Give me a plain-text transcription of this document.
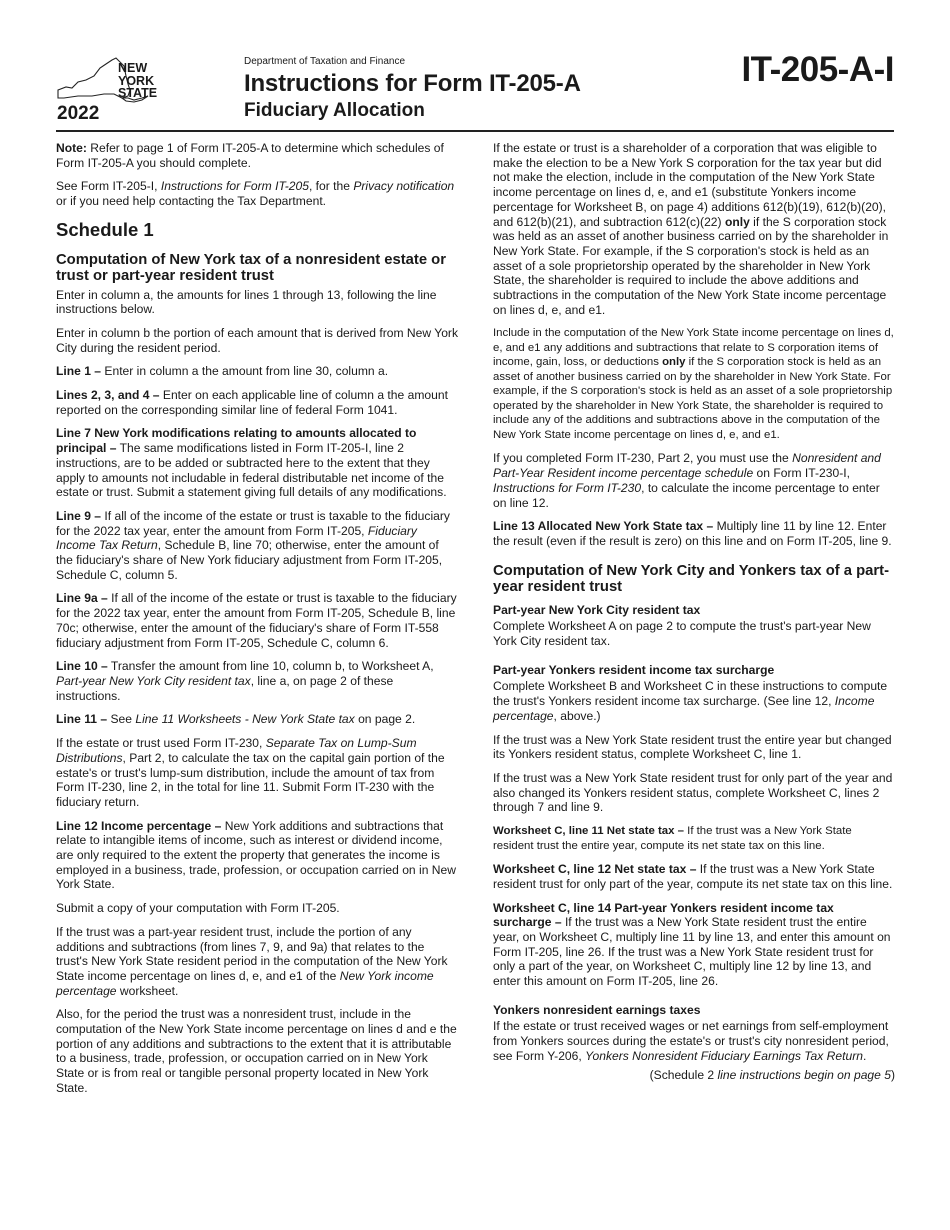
NEW
YORK
STATE
2022
Department of Taxation and Finance
Instructions for Form IT-205-A
Fiduciary Allocation
IT-205-A-I

Note: Refer to page 1 of Form IT-205-A to determine which schedules of Form IT-205-A you should complete.

See Form IT-205-I, Instructions for Form IT-205, for the Privacy notification or if you need help contacting the Tax Department.

Schedule 1
Computation of New York tax of a nonresident estate or trust or part-year resident trust

Enter in column a, the amounts for lines 1 through 13, following the line instructions below.

Enter in column b the portion of each amount that is derived from New York City during the resident period.

Line 1 – Enter in column a the amount from line 30, column a.

Lines 2, 3, and 4 – Enter on each applicable line of column a the amount reported on the corresponding similar line of federal Form 1041.

Line 7 New York modifications relating to amounts allocated to principal – The same modifications listed in Form IT-205-I, line 2 instructions, are to be added or subtracted here to the extent that they apply to amounts not includable in federal distributable net income of the estate or trust. Submit a statement giving full details of any modifications.

Line 9 – If all of the income of the estate or trust is taxable to the fiduciary for the 2022 tax year, enter the amount from Form IT-205, Fiduciary Income Tax Return, Schedule B, line 70; otherwise, enter the amount of the fiduciary's share of New York fiduciary adjustment from Form IT-205, Schedule C, column 5.

Line 9a – If all of the income of the estate or trust is taxable to the fiduciary for the 2022 tax year, enter the amount from Form IT-205, Schedule B, line 70c; otherwise, enter the amount of the fiduciary's share of Form IT-558 fiduciary adjustment from Form IT-205, Schedule C, column 6.

Line 10 – Transfer the amount from line 10, column b, to Worksheet A, Part-year New York City resident tax, line a, on page 2 of these instructions.

Line 11 – See Line 11 Worksheets - New York State tax on page 2.

If the estate or trust used Form IT-230, Separate Tax on Lump-Sum Distributions, Part 2, to calculate the tax on the capital gain portion of the estate's or trust's lump-sum distribution, include the amount of tax from Form IT-230, line 2, in the total for line 11. Submit Form IT-230 with the fiduciary return.

Line 12 Income percentage – New York additions and subtractions that relate to intangible items of income, such as interest or dividend income, are only required to the extent the property that generates the income is employed in a business, trade, profession, or occupation carried on in New York State.

Submit a copy of your computation with Form IT-205.

If the trust was a part-year resident trust, include the portion of any additions and subtractions (from lines 7, 9, and 9a) that relates to the trust's New York State resident period in the computation of the New York State income percentage on lines d, e, and e1 of the New York income percentage worksheet.

Also, for the period the trust was a nonresident trust, include in the computation of the New York State income percentage on lines d and e the portion of any additions and subtractions to the extent that it is attributable to a business, trade, profession, or occupation carried on in New York State or is from real or tangible personal property located in New York State.

If the estate or trust is a shareholder of a corporation that was eligible to make the election to be a New York S corporation for the tax year but did not make the election, include in the computation of the New York State income percentage on lines d, e, and e1 (substitute Yonkers income percentage for Worksheet B, on page 4) additions 612(b)(19), 612(b)(20), and 612(b)(21), and subtraction 612(c)(22) only if the S corporation stock was held as an asset of another business carried on by the shareholder in New York State. For example, if the S corporation's stock is held as an asset of a sole proprietorship operated by the shareholder in New York State, the shareholder is required to include the above additions and subtractions in the computation of the New York State income percentage on lines d, e, and e1.

Include in the computation of the New York State income percentage on lines d, e, and e1 any additions and subtractions that relate to S corporation items of income, gain, loss, or deductions only if the S corporation stock is held as an asset of another business carried on by the shareholder in New York State. For example, if the S corporation's stock is held as an asset of a sole proprietorship operated by the shareholder in New York State, the shareholder is required to include any of the additions and subtractions above in the computation of the New York State income percentage on lines d, e, and e1.

If you completed Form IT-230, Part 2, you must use the Nonresident and Part-Year Resident income percentage schedule on Form IT-230-I, Instructions for Form IT-230, to calculate the income percentage to enter on line 12.

Line 13 Allocated New York State tax – Multiply line 11 by line 12. Enter the result (even if the result is zero) on this line and on Form IT-205, line 9.

Computation of New York City and Yonkers tax of a part-year resident trust
Part-year New York City resident tax

Complete Worksheet A on page 2 to compute the trust's part-year New York City resident tax.

Part-year Yonkers resident income tax surcharge

Complete Worksheet B and Worksheet C in these instructions to compute the trust's Yonkers resident income tax surcharge. (See line 12, Income percentage, above.)

If the trust was a New York State resident trust the entire year but changed its Yonkers resident status, complete Worksheet C, line 1.

If the trust was a New York State resident trust for only part of the year and also changed its Yonkers resident status, complete Worksheet C, lines 2 through 7 and line 9.

Worksheet C, line 11 Net state tax – If the trust was a New York State resident trust the entire year, compute its net state tax on this line.

Worksheet C, line 12 Net state tax – If the trust was a New York State resident trust for only part of the year, compute its net state tax on this line.

Worksheet C, line 14 Part-year Yonkers resident income tax surcharge – If the trust was a New York State resident trust the entire year, on Worksheet C, multiply line 11 by line 13, and enter this amount on Form IT-205, line 26. If the trust was a New York State resident trust for only a part of the year, on Worksheet C, multiply line 12 by line 13, and enter this amount on Form IT-205, line 26.

Yonkers nonresident earnings taxes

If the estate or trust received wages or net earnings from self-employment from Yonkers sources during the estate's or trust's city nonresident period, see Form Y-206, Yonkers Nonresident Fiduciary Earnings Tax Return.

(Schedule 2 line instructions begin on page 5)
